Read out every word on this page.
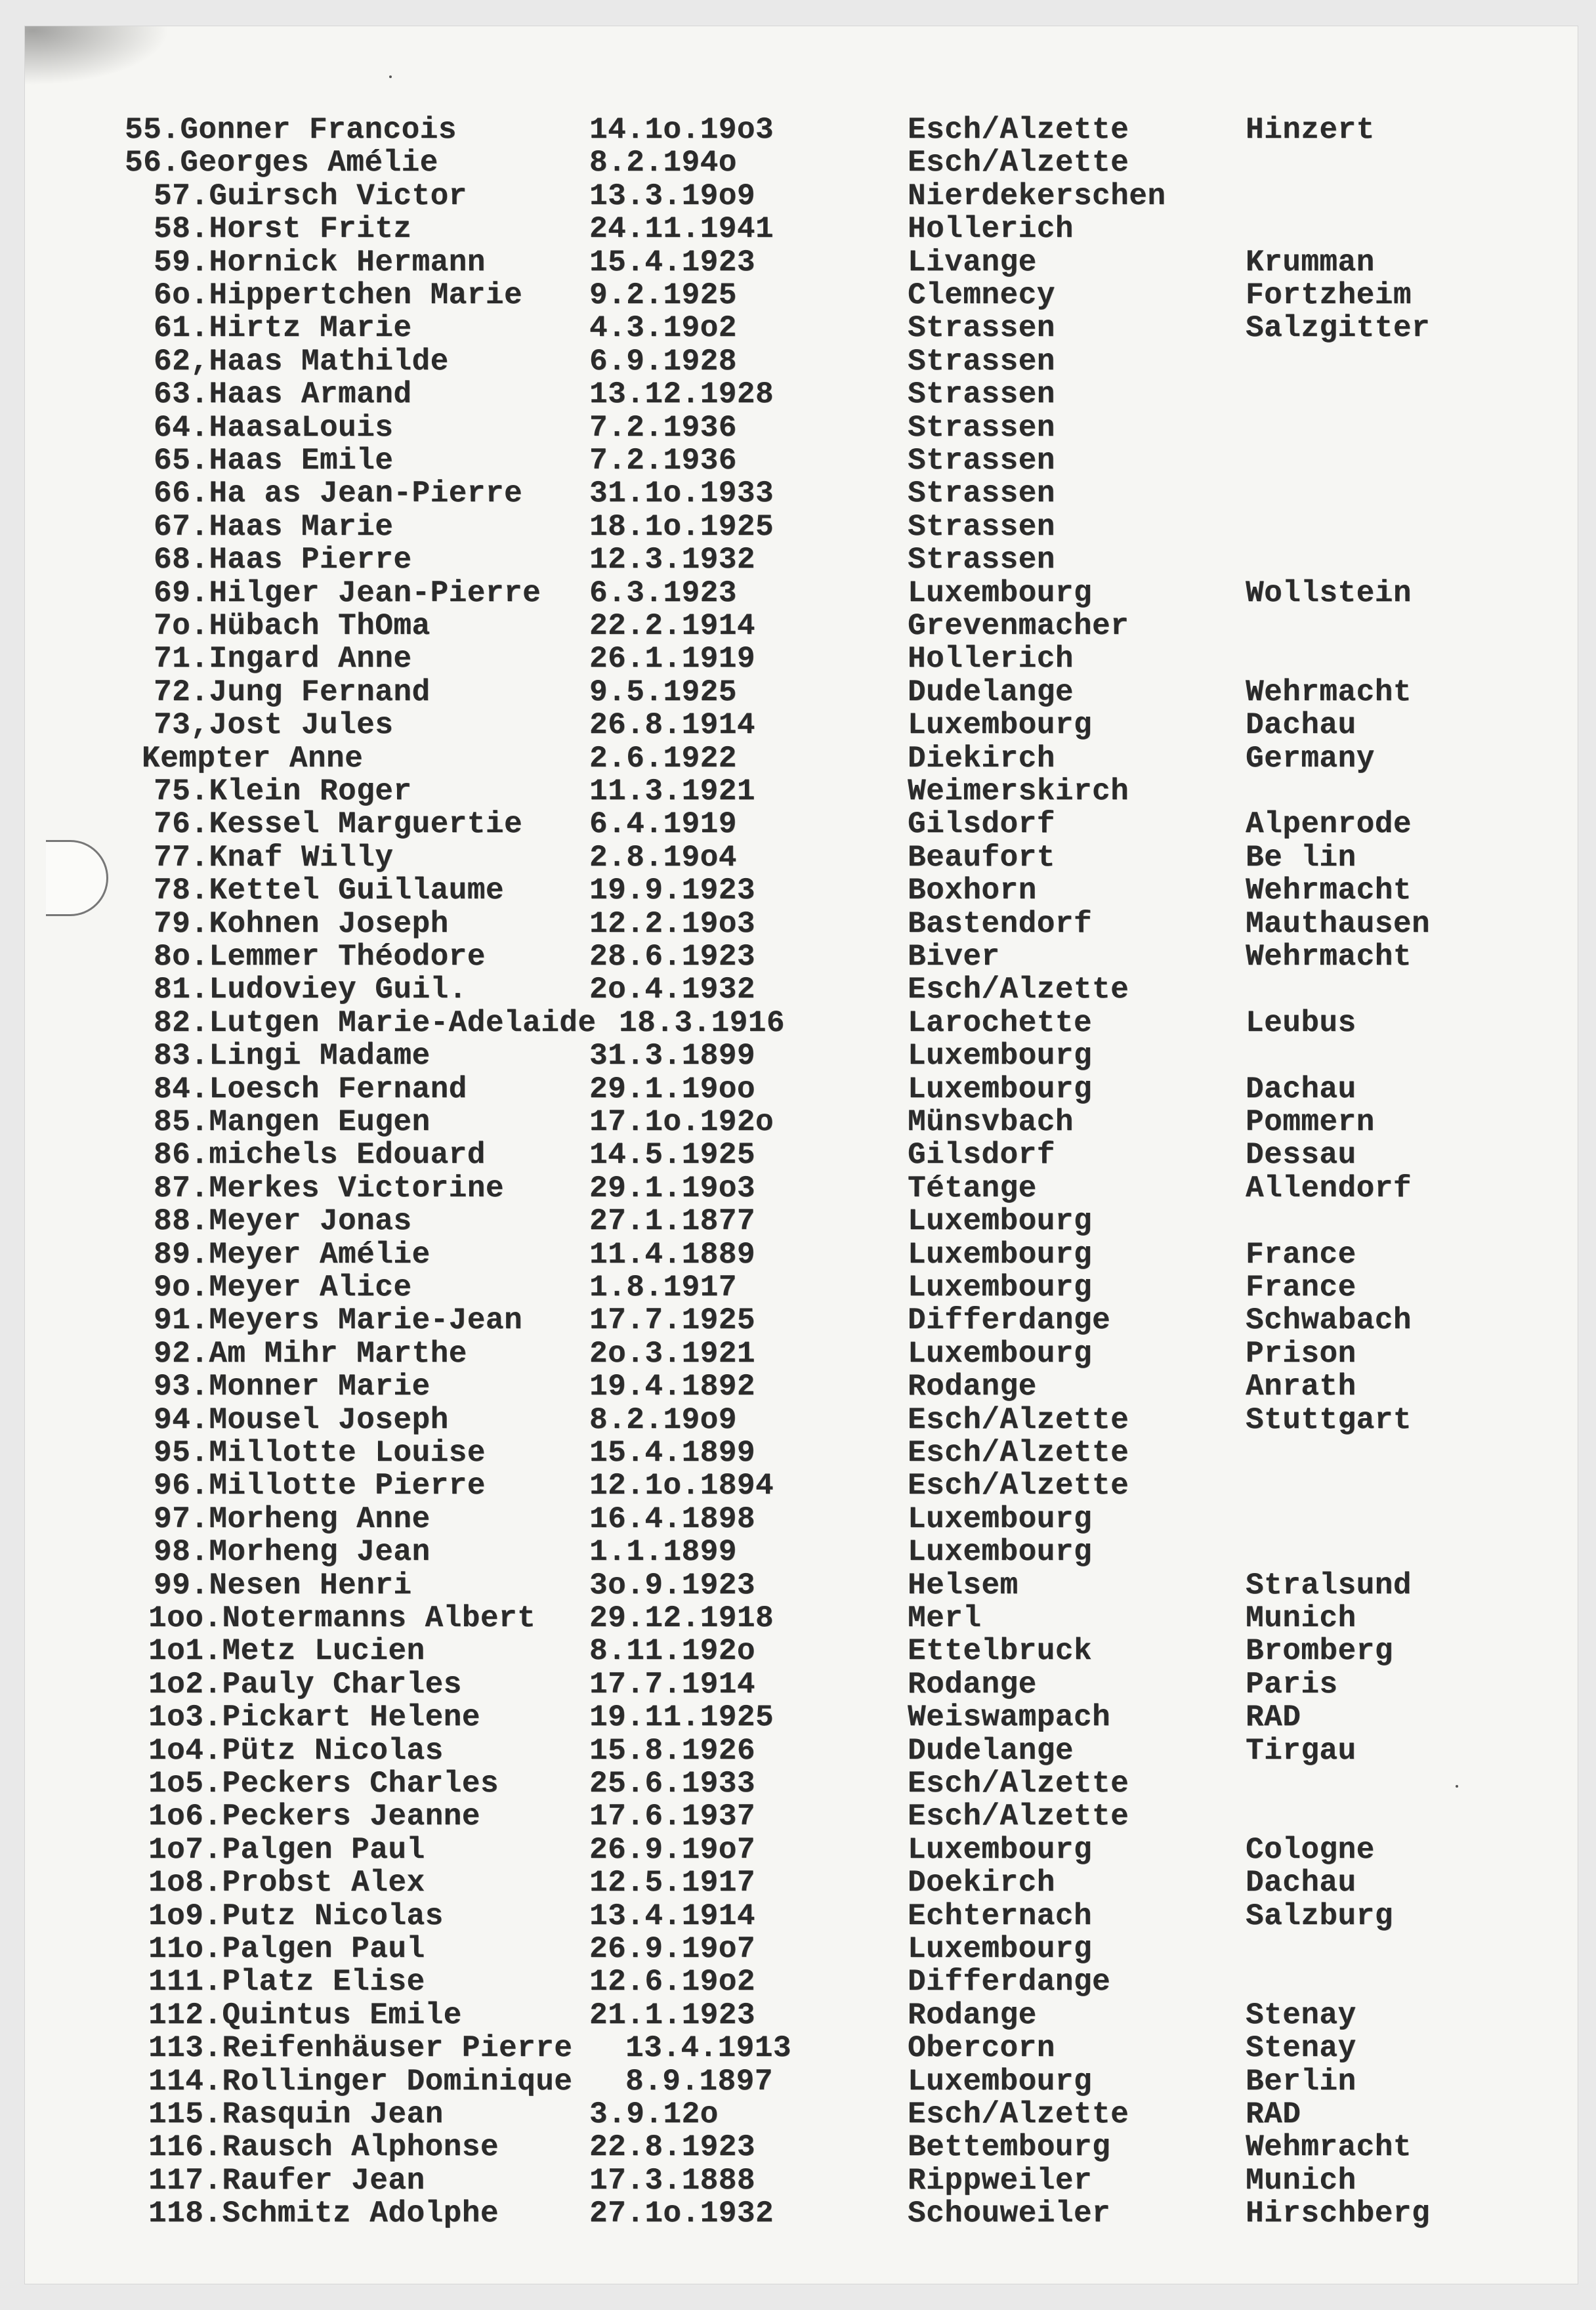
55.Gonner Francois	14.1o.19o3	Esch/Alzette	Hinzert
56.Georges Amélie	8.2.194o	Esch/Alzette
57.Guirsch Victor	13.3.19o9	Nierdekerschen
58.Horst Fritz	24.11.1941	Hollerich
59.Hornick Hermann	15.4.1923	Livange	Krumman
6o.Hippertchen Marie 9.2.1925	Clemnecy	Fortzheim
61.Hirtz Marie	4.3.19o2	Strassen	Salzgitter
62,Haas Mathilde	6.9.1928	Strassen
63.Haas Armand	13.12.1928	Strassen
64.HaasaLouis	7.2.1936	Strassen
65.Haas Emile	7.2.1936	Strassen
66.Ha as Jean-Pierre 31.1o.1933	Strassen
67.Haas Marie	18.1o.1925	Strassen
68.Haas Pierre	12.3.1932	Strassen
69.Hilger Jean-Pierre 6.3.1923	Luxembourg	Wollstein
7o.Hübach ThOma	22.2.1914	Grevenmacher
71.Ingard Anne	26.1.1919	Hollerich
72.Jung Fernand	9.5.1925	Dudelange	Wehrmacht
73,Jost Jules	26.8.1914	Luxembourg	Dachau
Kempter Anne	2.6.1922	Diekirch	Germany
75.Klein Roger	11.3.1921	Weimerskirch
76.Kessel Marguertie 6.4.1919	Gilsdorf	Alpenrode
77.Knaf Willy	2.8.19o4	Beaufort	Be lin
78.Kettel Guillaume	19.9.1923	Boxhorn	Wehrmacht
79.Kohnen Joseph	12.2.19o3	Bastendorf	Mauthausen
8o.Lemmer Théodore	28.6.1923	Biver	Wehrmacht
81.Ludoviey Guil.	2o.4.1932	Esch/Alzette
82.Lutgen Marie-Adelaide 18.3.1916	Larochette	Leubus
83.Lingi Madame	31.3.1899	Luxembourg
84.Loesch Fernand	29.1.19oo	Luxembourg	Dachau
85.Mangen Eugen	17.1o.192o	Münsvbach	Pommern
86.michels Edouard	14.5.1925	Gilsdorf	Dessau
87.Merkes Victorine	29.1.19o3	Tétange	Allendorf
88.Meyer Jonas	27.1.1877	Luxembourg
89.Meyer Amélie	11.4.1889	Luxembourg	France
9o.Meyer Alice	1.8.1917	Luxembourg	France
91.Meyers Marie-Jean 17.7.1925	Differdange	Schwabach
92.Am Mihr Marthe	2o.3.1921	Luxembourg	Prison
93.Monner Marie	19.4.1892	Rodange	Anrath
94.Mousel Joseph	8.2.19o9	Esch/Alzette	Stuttgart
95.Millotte Louise	15.4.1899	Esch/Alzette
96.Millotte Pierre	12.1o.1894	Esch/Alzette
97.Morheng Anne	16.4.1898	Luxembourg
98.Morheng Jean	1.1.1899	Luxembourg
99.Nesen Henri	3o.9.1923	Helsem	Stralsund
1oo.Notermanns Albert 29.12.1918	Merl	Munich
1o1.Metz Lucien	8.11.192o	Ettelbruck	Bromberg
1o2.Pauly Charles	17.7.1914	Rodange	Paris
1o3.Pickart Helene	19.11.1925	Weiswampach	RAD
1o4.Pütz Nicolas	15.8.1926	Dudelange	Tirgau
1o5.Peckers Charles	25.6.1933	Esch/Alzette
1o6.Peckers Jeanne	17.6.1937	Esch/Alzette
1o7.Palgen Paul	26.9.19o7	Luxembourg	Cologne
1o8.Probst Alex	12.5.1917	Doekirch	Dachau
1o9.Putz Nicolas	13.4.1914	Echternach	Salzburg
11o.Palgen Paul	26.9.19o7	Luxembourg
111.Platz Elise	12.6.19o2	Differdange
112.Quintus Emile	21.1.1923	Rodange	Stenay
113.Reifenhäuser Pierre 13.4.1913	Obercorn	Stenay
114.Rollinger Dominique 8.9.1897	Luxembourg	Berlin
115.Rasquin Jean	3.9.12o	Esch/Alzette	RAD
116.Rausch Alphonse	22.8.1923	Bettembourg	Wehmracht
117.Raufer Jean	17.3.1888	Rippweiler	Munich
118.Schmitz Adolphe	27.1o.1932	Schouweiler	Hirschberg
